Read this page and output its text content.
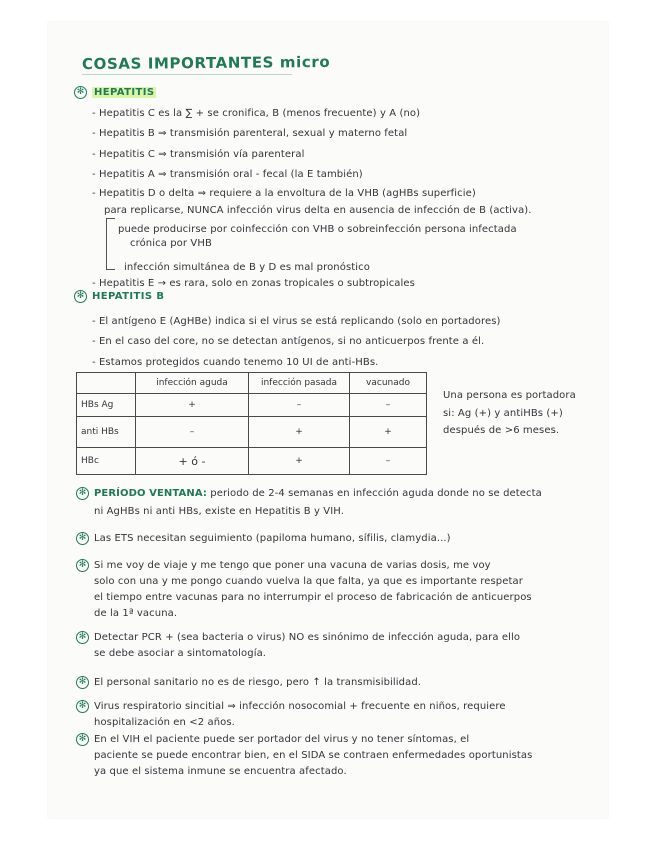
COSAS IMPORTANTES micro
✻ HEPATITIS
- Hepatitis C es la ∑ + se cronifica, B (menos frecuente) y A (no)
- Hepatitis B ⇒ transmisión parenteral, sexual y materno fetal
- Hepatitis C ⇒ transmisión vía parenteral
- Hepatitis A ⇒ transmisión oral - fecal (la E también)
- Hepatitis D o delta ⇒ requiere a la envoltura de la VHB (agHBs superficie)
para replicarse, NUNCA infección virus delta en ausencia de infección de B (activa).
puede producirse por coinfección con VHB o sobreinfección persona infectada
crónica por VHB
infección simultánea de B y D es mal pronóstico
- Hepatitis E → es rara, solo en zonas tropicales o subtropicales
✻ HEPATITIS B
- El antígeno E (AgHBe) indica si el virus se está replicando (solo en portadores)
- En el caso del core, no se detectan antígenos, si no anticuerpos frente a él.
- Estamos protegidos cuando tenemo 10 UI de anti-HBs.
	infección aguda	infección pasada	vacunado
HBs Ag	+	–	–
anti HBs	–	+	+
HBc	+ ó -	+	–
Una persona es portadora
si: Ag (+) y antiHBs (+)
después de >6 meses.
✻ PERÍODO VENTANA: periodo de 2-4 semanas en infección aguda donde no se detecta
ni AgHBs ni anti HBs, existe en Hepatitis B y VIH.
✻ Las ETS necesitan seguimiento (papiloma humano, sífilis, clamydia...)
✻ Si me voy de viaje y me tengo que poner una vacuna de varias dosis, me voy
solo con una y me pongo cuando vuelva la que falta, ya que es importante respetar
el tiempo entre vacunas para no interrumpir el proceso de fabricación de anticuerpos
de la 1ª vacuna.
✻ Detectar PCR + (sea bacteria o virus) NO es sinónimo de infección aguda, para ello
se debe asociar a sintomatología.
✻ El personal sanitario no es de riesgo, pero ↑ la transmisibilidad.
✻ Virus respiratorio sincitial ⇒ infección nosocomial + frecuente en niños, requiere
hospitalización en <2 años.
✻ En el VIH el paciente puede ser portador del virus y no tener síntomas, el
paciente se puede encontrar bien, en el SIDA se contraen enfermedades oportunistas
ya que el sistema inmune se encuentra afectado.
